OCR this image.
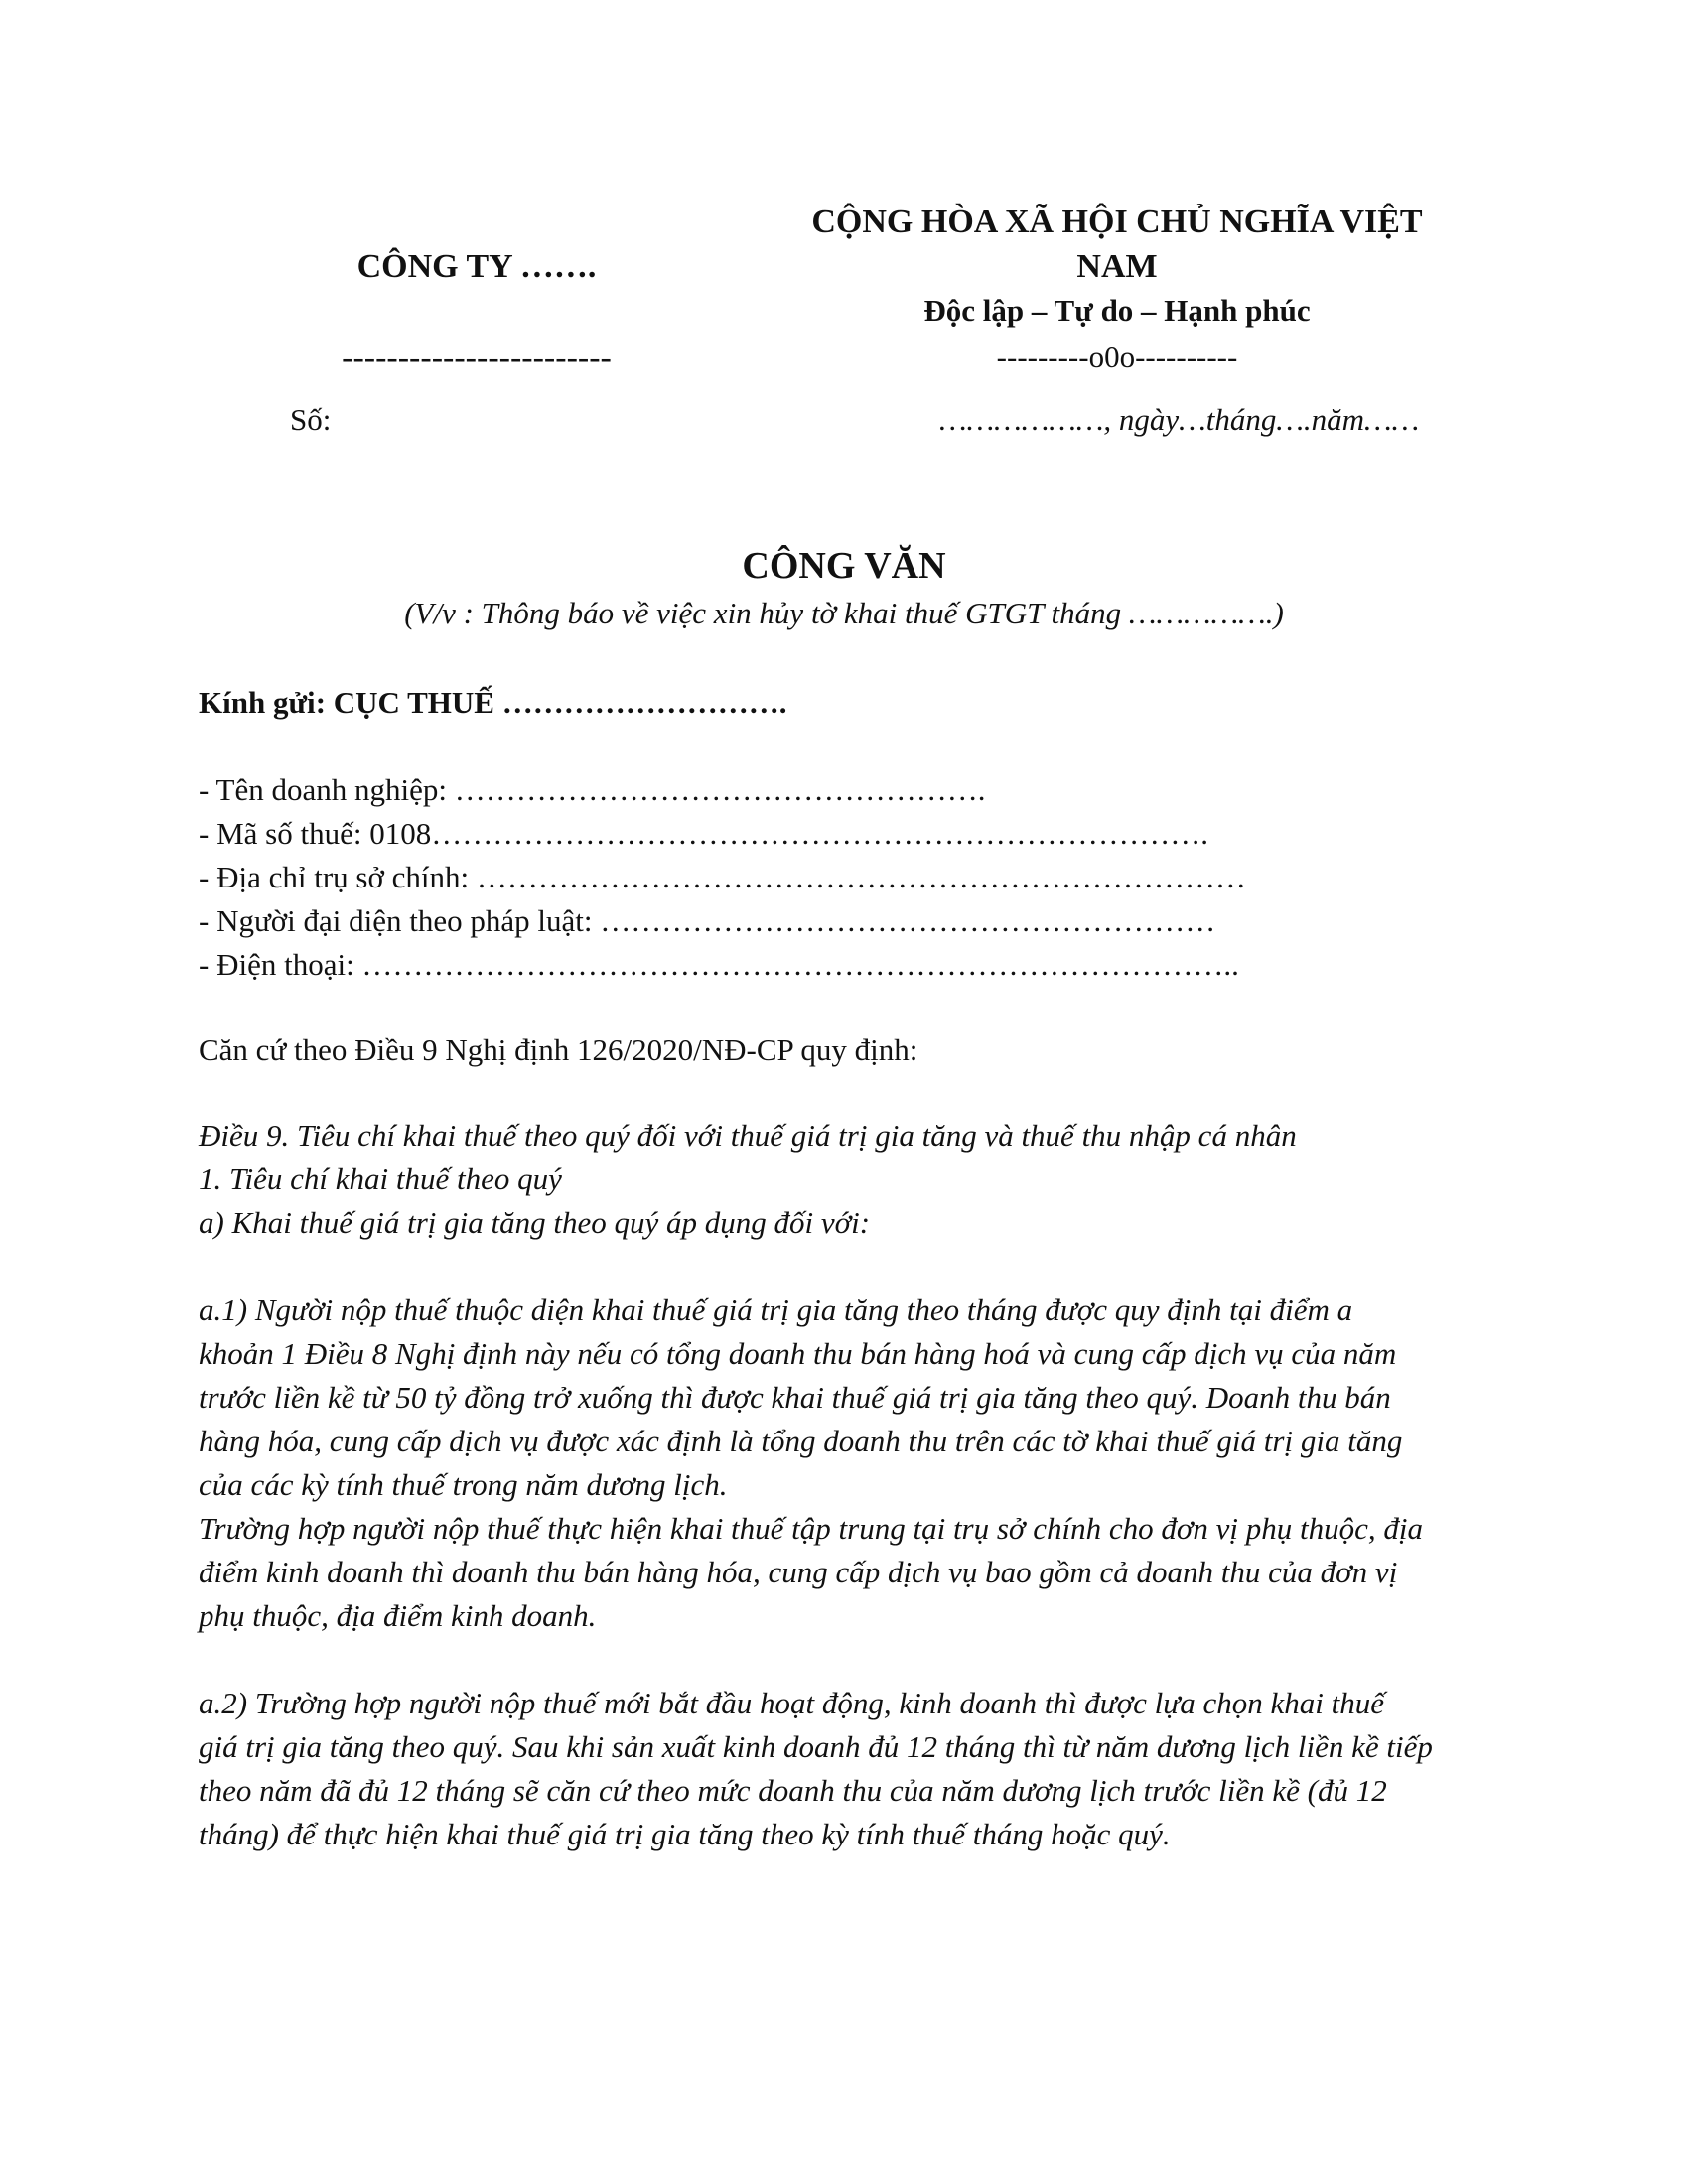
CÔNG TY …….
------------------------
Số:
CỘNG HÒA XÃ HỘI CHỦ NGHĨA VIỆT
NAM
Độc lập – Tự do – Hạnh phúc
---------o0o----------
………………, ngày…tháng….năm……
CÔNG VĂN
(V/v : Thông báo về việc xin hủy tờ khai thuế GTGT tháng …………….)
Kính gửi: CỤC THUẾ ……………………….
- Tên doanh nghiệp: …………………………………………….
- Mã số thuế: 0108………………………………………………………………….
- Địa chỉ trụ sở chính: …………………………………………………………………
- Người đại diện theo pháp luật: ……………………………………………………
- Điện thoại: …………………………………………………………………………..
Căn cứ theo Điều 9 Nghị định 126/2020/NĐ-CP quy định:
Điều 9. Tiêu chí khai thuế theo quý đối với thuế giá trị gia tăng và thuế thu nhập cá nhân
1. Tiêu chí khai thuế theo quý
a) Khai thuế giá trị gia tăng theo quý áp dụng đối với:
a.1) Người nộp thuế thuộc diện khai thuế giá trị gia tăng theo tháng được quy định tại điểm a
khoản 1 Điều 8 Nghị định này nếu có tổng doanh thu bán hàng hoá và cung cấp dịch vụ của năm
trước liền kề từ 50 tỷ đồng trở xuống thì được khai thuế giá trị gia tăng theo quý. Doanh thu bán
hàng hóa, cung cấp dịch vụ được xác định là tổng doanh thu trên các tờ khai thuế giá trị gia tăng
của các kỳ tính thuế trong năm dương lịch.
Trường hợp người nộp thuế thực hiện khai thuế tập trung tại trụ sở chính cho đơn vị phụ thuộc, địa
điểm kinh doanh thì doanh thu bán hàng hóa, cung cấp dịch vụ bao gồm cả doanh thu của đơn vị
phụ thuộc, địa điểm kinh doanh.
a.2) Trường hợp người nộp thuế mới bắt đầu hoạt động, kinh doanh thì được lựa chọn khai thuế
giá trị gia tăng theo quý. Sau khi sản xuất kinh doanh đủ 12 tháng thì từ năm dương lịch liền kề tiếp
theo năm đã đủ 12 tháng sẽ căn cứ theo mức doanh thu của năm dương lịch trước liền kề (đủ 12
tháng) để thực hiện khai thuế giá trị gia tăng theo kỳ tính thuế tháng hoặc quý.
